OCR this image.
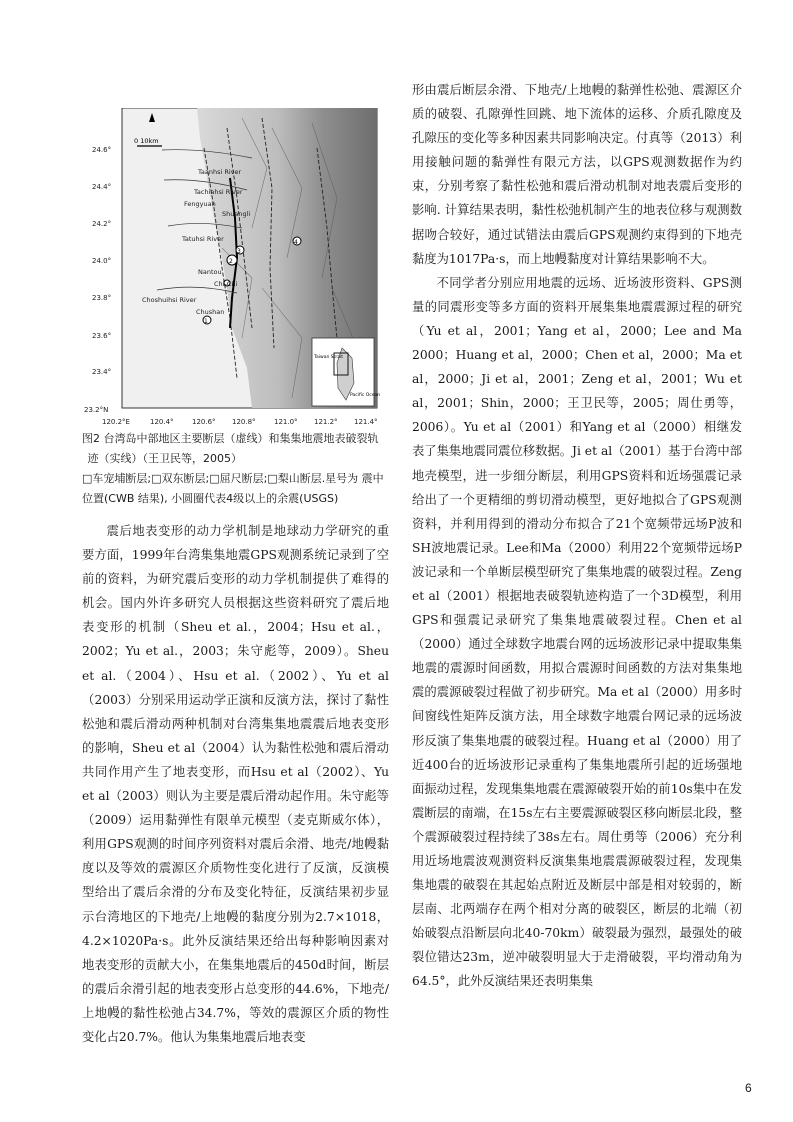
2
1
3
4
Taanhsi River
Tachiahsi River
Tatuhsi River
Choshuihsi River
Fengyuan
Shuangli
Nantou
Chi-Chi
Chushan
0 10km
Taiwan Strait
Pacific Ocean
24.6°
24.4°
24.2°
24.0°
23.8°
23.6°
23.4°
23.2°N
120.2°E	120.4°	120.6° 120.8°	121.0° 121.2° 121.4°
图2 台湾岛中部地区主要断层（虚线）和集集地震地表破裂轨
迹（实线）（王卫民等，2005）
□车宠埔断层;□双东断层;□屈尺断层;□梨山断层.星号为 震中
位置(CWB 结果), 小圆圈代表4级以上的余震(USGS)

震后地表变形的动力学机制是地球动力学研究的重要方面，1999年台湾集集地震GPS观测系统记录到了空前的资料，为研究震后变形的动力学机制提供了难得的机会。国内外许多研究人员根据这些资料研究了震后地表变形的机制（Sheu et al.，2004；Hsu et al.，2002；Yu et al.，2003；朱守彪等，2009）。Sheu et al.（2004）、Hsu et al.（2002）、Yu et al（2003）分别采用运动学正演和反演方法，探讨了黏性松弛和震后滑动两种机制对台湾集集地震震后地表变形的影响，Sheu et al（2004）认为黏性松弛和震后滑动共同作用产生了地表变形，而Hsu et al（2002）、Yu et al（2003）则认为主要是震后滑动起作用。朱守彪等（2009）运用黏弹性有限单元模型（麦克斯威尔体），利用GPS观测的时间序列资料对震后余滑、地壳/地幔黏度以及等效的震源区介质物性变化进行了反演，反演模型给出了震后余滑的分布及变化特征，反演结果初步显示台湾地区的下地壳/上地幔的黏度分别为2.7×1018，4.2×1020Pa·s。此外反演结果还给出每种影响因素对地表变形的贡献大小，在集集地震后的450d时间，断层的震后余滑引起的地表变形占总变形的44.6%，下地壳/上地幔的黏性松弛占34.7%，等效的震源区介质的物性变化占20.7%。他认为集集地震后地表变

形由震后断层余滑、下地壳/上地幔的黏弹性松弛、震源区介质的破裂、孔隙弹性回跳、地下流体的运移、介质孔隙度及孔隙压的变化等多种因素共同影响决定。付真等（2013）利用接触问题的黏弹性有限元方法，以GPS观测数据作为约束，分别考察了黏性松弛和震后滑动机制对地表震后变形的影响. 计算结果表明，黏性松弛机制产生的地表位移与观测数据吻合较好，通过试错法由震后GPS观测约束得到的下地壳黏度为1017Pa·s，而上地幔黏度对计算结果影响不大。

不同学者分别应用地震的远场、近场波形资料、GPS测量的同震形变等多方面的资料开展集集地震震源过程的研究（Yu et al，2001；Yang et al，2000；Lee and Ma 2000；Huang et al，2000；Chen et al，2000；Ma et al，2000；Ji et al，2001；Zeng et al，2001；Wu et al，2001；Shin，2000；王卫民等，2005；周仕勇等，2006）。Yu et al（2001）和Yang et al（2000）相继发表了集集地震同震位移数据。Ji et al（2001）基于台湾中部地壳模型，进一步细分断层，利用GPS资料和近场强震记录给出了一个更精细的剪切滑动模型，更好地拟合了GPS观测资料，并利用得到的滑动分布拟合了21个宽频带远场P波和SH波地震记录。Lee和Ma（2000）利用22个宽频带远场P波记录和一个单断层模型研究了集集地震的破裂过程。Zeng et al（2001）根据地表破裂轨迹构造了一个3D模型，利用GPS和强震记录研究了集集地震破裂过程。Chen et al（2000）通过全球数字地震台网的远场波形记录中提取集集地震的震源时间函数，用拟合震源时间函数的方法对集集地震的震源破裂过程做了初步研究。Ma et al（2000）用多时间窗线性矩阵反演方法，用全球数字地震台网记录的远场波形反演了集集地震的破裂过程。Huang et al（2000）用了近400台的近场波形记录重构了集集地震所引起的近场强地面振动过程，发现集集地震在震源破裂开始的前10s集中在发震断层的南端，在15s左右主要震源破裂区移向断层北段，整个震源破裂过程持续了38s左右。周仕勇等（2006）充分利用近场地震波观测资料反演集集地震震源破裂过程，发现集集地震的破裂在其起始点附近及断层中部是相对较弱的，断层南、北两端存在两个相对分离的破裂区，断层的北端（初始破裂点沿断层向北40-70km）破裂最为强烈，最强处的破裂位错达23m，逆冲破裂明显大于走滑破裂，平均滑动角为64.5°，此外反演结果还表明集集

6
